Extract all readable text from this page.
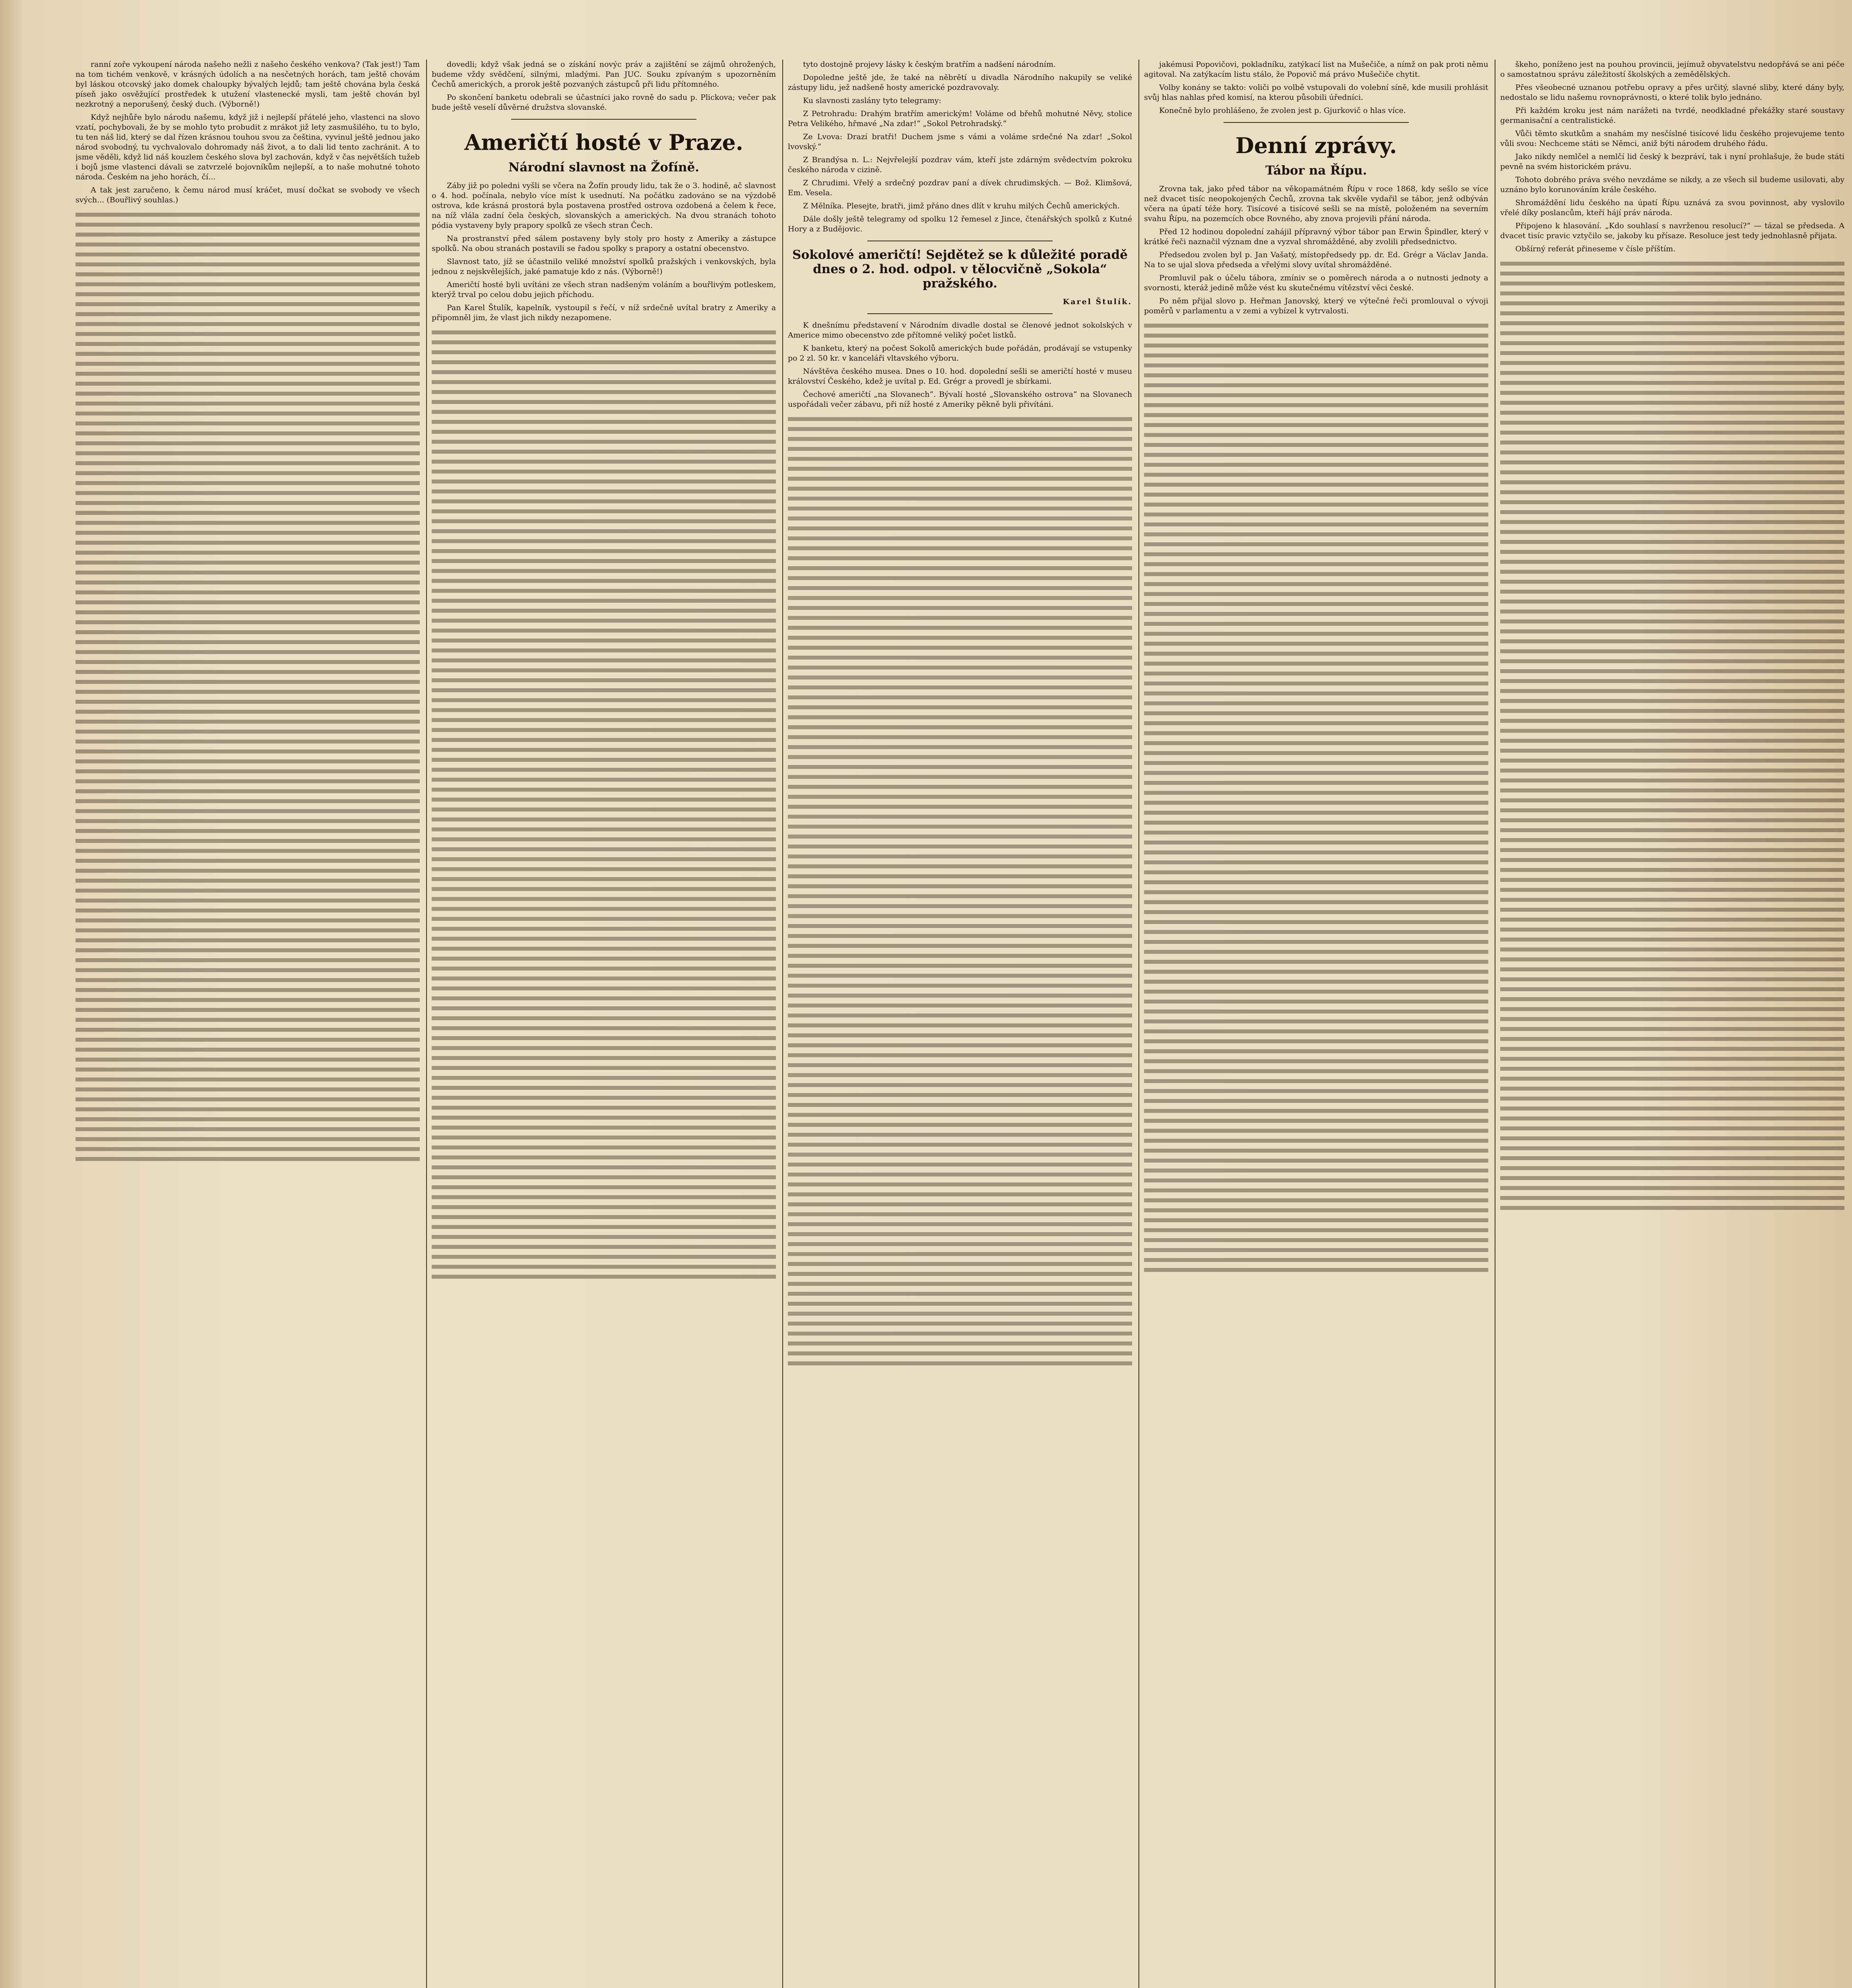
ranní zoře vykoupení národa našeho nežli z našeho českého venkova? (Tak jest!) Tam na tom tichém venkově, v krásných údolích a na nesčetných horách, tam ještě chovám byl láskou otcovský jako domek chaloupky bývalých lejdů; tam ještě chována byla česká píseň jako osvěžující prostředek k utužení vlastenecké mysli, tam ještě chován byl nezkrotný a neporušený, český duch. (Výborně!)

Když nejhůře bylo národu našemu, když již i nejlepší přátelé jeho, vlastenci na slovo vzatí, pochybovali, že by se mohlo tyto probudit z mrákot již lety zasmušilého, tu to bylo, tu ten náš lid, který se dal řízen krásnou touhou svou za čeština, vyvinul ještě jednou jako národ svobodný, tu vychvalovalo dohromady náš život, a to dali lid tento zachránit. A to jsme věděli, když lid náš kouzlem českého slova byl zachován, když v čas největších tužeb i bojů jsme vlastenci dávali se zatvrzelé bojovníkům nejlepší, a to naše mohutné tohoto národa. Českém na jeho horách, čí...

A tak jest zaručeno, k čemu národ musí kráčet, musí dočkat se svobody ve všech svých... (Bouřlivý souhlas.)

dovedli; když však jedná se o získání novýc práv a zajištění se zájmů ohrožených, budeme vždy svědčení, silnými, mladými. Pan JUC. Souku zpívaným s upozorněním Čechů amerických, a prorok ještě pozvaných zástupců při lidu přítomného.

Po skončení banketu odebrali se účastníci jako rovně do sadu p. Plickova; večer pak bude ještě veselí důvěrné družstva slovanské.

Američtí hosté v Praze.
Národní slavnost na Žofíně.

Záby již po poledni vyšli se včera na Žofín proudy lidu, tak že o 3. hodině, ač slavnost o 4. hod. počínala, nebylo více míst k usednutí. Na počátku zadováno se na výzdobě ostrova, kde krásná prostorá byla postavena prostřed ostrova ozdobená a čelem k řece, na níž vlála zadní čela českých, slovanských a amerických. Na dvou stranách tohoto pódia vystaveny byly prapory spolků ze všech stran Čech.

Na prostranství před sálem postaveny byly stoly pro hosty z Ameriky a zástupce spolků. Na obou stranách postavili se řadou spolky s prapory a ostatní obecenstvo.

Slavnost tato, jíž se účastnilo veliké množství spolků pražských i venkovských, byla jednou z nejskvělejších, jaké pamatuje kdo z nás. (Výborně!)

Američtí hosté byli uvítáni ze všech stran nadšeným voláním a bouřlivým potleskem, kterýž trval po celou dobu jejich příchodu.

Pan Karel Štulík, kapelník, vystoupil s řečí, v níž srdečně uvítal bratry z Ameriky a připomněl jim, že vlast jich nikdy nezapomene.

tyto dostojně projevy lásky k českým bratřím a nadšení národním.

Dopoledne ještě jde, že také na něbrětí u divadla Národního nakupily se veliké zástupy lidu, jež nadšeně hosty americké pozdravovaly.

Ku slavnosti zaslány tyto telegramy:

Z Petrohradu: Drahým bratřím americkým! Voláme od břehů mohutné Něvy, stolice Petra Velikého, hřmavé „Na zdar!“ „Sokol Petrohradský.“

Ze Lvova: Drazí bratři! Duchem jsme s vámi a voláme srdečné Na zdar! „Sokol lvovský.“

Z Brandýsa n. L.: Nejvřelejší pozdrav vám, kteří jste zdárným svědectvím pokroku českého národa v cizině.

Z Chrudimi. Vřelý a srdečný pozdrav paní a dívek chrudimských. — Bož. Klimšová, Em. Vesela.

Z Mělníka. Plesejte, bratři, jimž přáno dnes dlít v kruhu milých Čechů amerických.

Dále došly ještě telegramy od spolku 12 řemesel z Jince, čtenářských spolků z Kutné Hory a z Budějovic.

Sokolové američtí! Sejdětež se k důležité poradě dnes o 2. hod. odpol. v tělocvičně „Sokola“ pražského.

Karel Štulík.

K dnešnímu představení v Národním divadle dostal se členové jednot sokolských v Americe mimo obecenstvo zde přítomné veliký počet listků.

K banketu, který na počest Sokolů amerických bude pořádán, prodávají se vstupenky po 2 zl. 50 kr. v kanceláři vltavského výboru.

Návštěva českého musea. Dnes o 10. hod. dopolední sešli se američtí hosté v museu království Českého, kdež je uvítal p. Ed. Grégr a provedl je sbírkami.

Čechové američtí „na Slovanech“. Bývalí hosté „Slovanského ostrova“ na Slovanech uspořádali večer zábavu, při níž hosté z Ameriky pěkně byli přivítáni.

jakémusi Popovičovi, pokladníku, zatýkací list na Mušečiče, a nímž on pak proti němu agitoval. Na zatýkacím listu stálo, že Popovič má právo Mušečiče chytit.

Volby konány se takto: voliči po volbě vstupovali do volební síně, kde musili prohlásit svůj hlas nahlas před komisí, na kterou působili úředníci.

Konečně bylo prohlášeno, že zvolen jest p. Gjurkovič o hlas více.

Denní zprávy.
Tábor na Řípu.

Zrovna tak, jako před tábor na věkopamátném Řípu v roce 1868, kdy sešlo se více než dvacet tisíc neopokojených Čechů, zrovna tak skvěle vydařil se tábor, jenž odbýván včera na úpatí téže hory. Tisícové a tisícové sešli se na místě, položeném na severním svahu Řípu, na pozemcích obce Rovného, aby znova projevili přání národa.

Před 12 hodinou dopolední zahájil přípravný výbor tábor pan Erwin Špindler, který v krátké řeči naznačil význam dne a vyzval shromážděné, aby zvolili předsednictvo.

Předsedou zvolen byl p. Jan Vašatý, místopředsedy pp. dr. Ed. Grégr a Václav Janda. Na to se ujal slova předseda a vřelými slovy uvítal shromážděné.

Promluvil pak o účelu tábora, zmíniv se o poměrech národa a o nutnosti jednoty a svornosti, kteráž jedině může vést ku skutečnému vítězství věci české.

Po něm přijal slovo p. Heřman Janovský, který ve výtečné řeči promlouval o vývoji poměrů v parlamentu a v zemi a vybízel k vytrvalosti.

škeho, poníženo jest na pouhou provincii, jejímuž obyvatelstvu nedopřává se ani péče o samostatnou správu záležitostí školských a zemědělských.

Přes všeobecné uznanou potřebu opravy a přes určitý, slavné sliby, které dány byly, nedostalo se lidu našemu rovnoprávnosti, o které tolik bylo jednáno.

Při každém kroku jest nám narážeti na tvrdé, neodkladné překážky staré soustavy germanisační a centralistické.

Vůči těmto skutkům a snahám my nesčíslné tisícové lidu českého projevujeme tento vůli svou: Nechceme státi se Němci, aniž býti národem druhého řádu.

Jako nikdy nemlčel a nemlčí lid český k bezpráví, tak i nyní prohlašuje, že bude státi pevně na svém historickém právu.

Tohoto dobrého práva svého nevzdáme se nikdy, a ze všech sil budeme usilovati, aby uznáno bylo korunováním krále českého.

Shromáždění lidu českého na úpatí Řípu uznává za svou povinnost, aby vyslovilo vřelé díky poslancům, kteří hájí práv národa.

Připojeno k hlasování. „Kdo souhlasí s navrženou resolucí?“ — tázal se předseda. A dvacet tisíc pravic vztyčilo se, jakoby ku přísaze. Resoluce jest tedy jednohlasně přijata.

Obšírný referát přineseme v čísle příštím.
